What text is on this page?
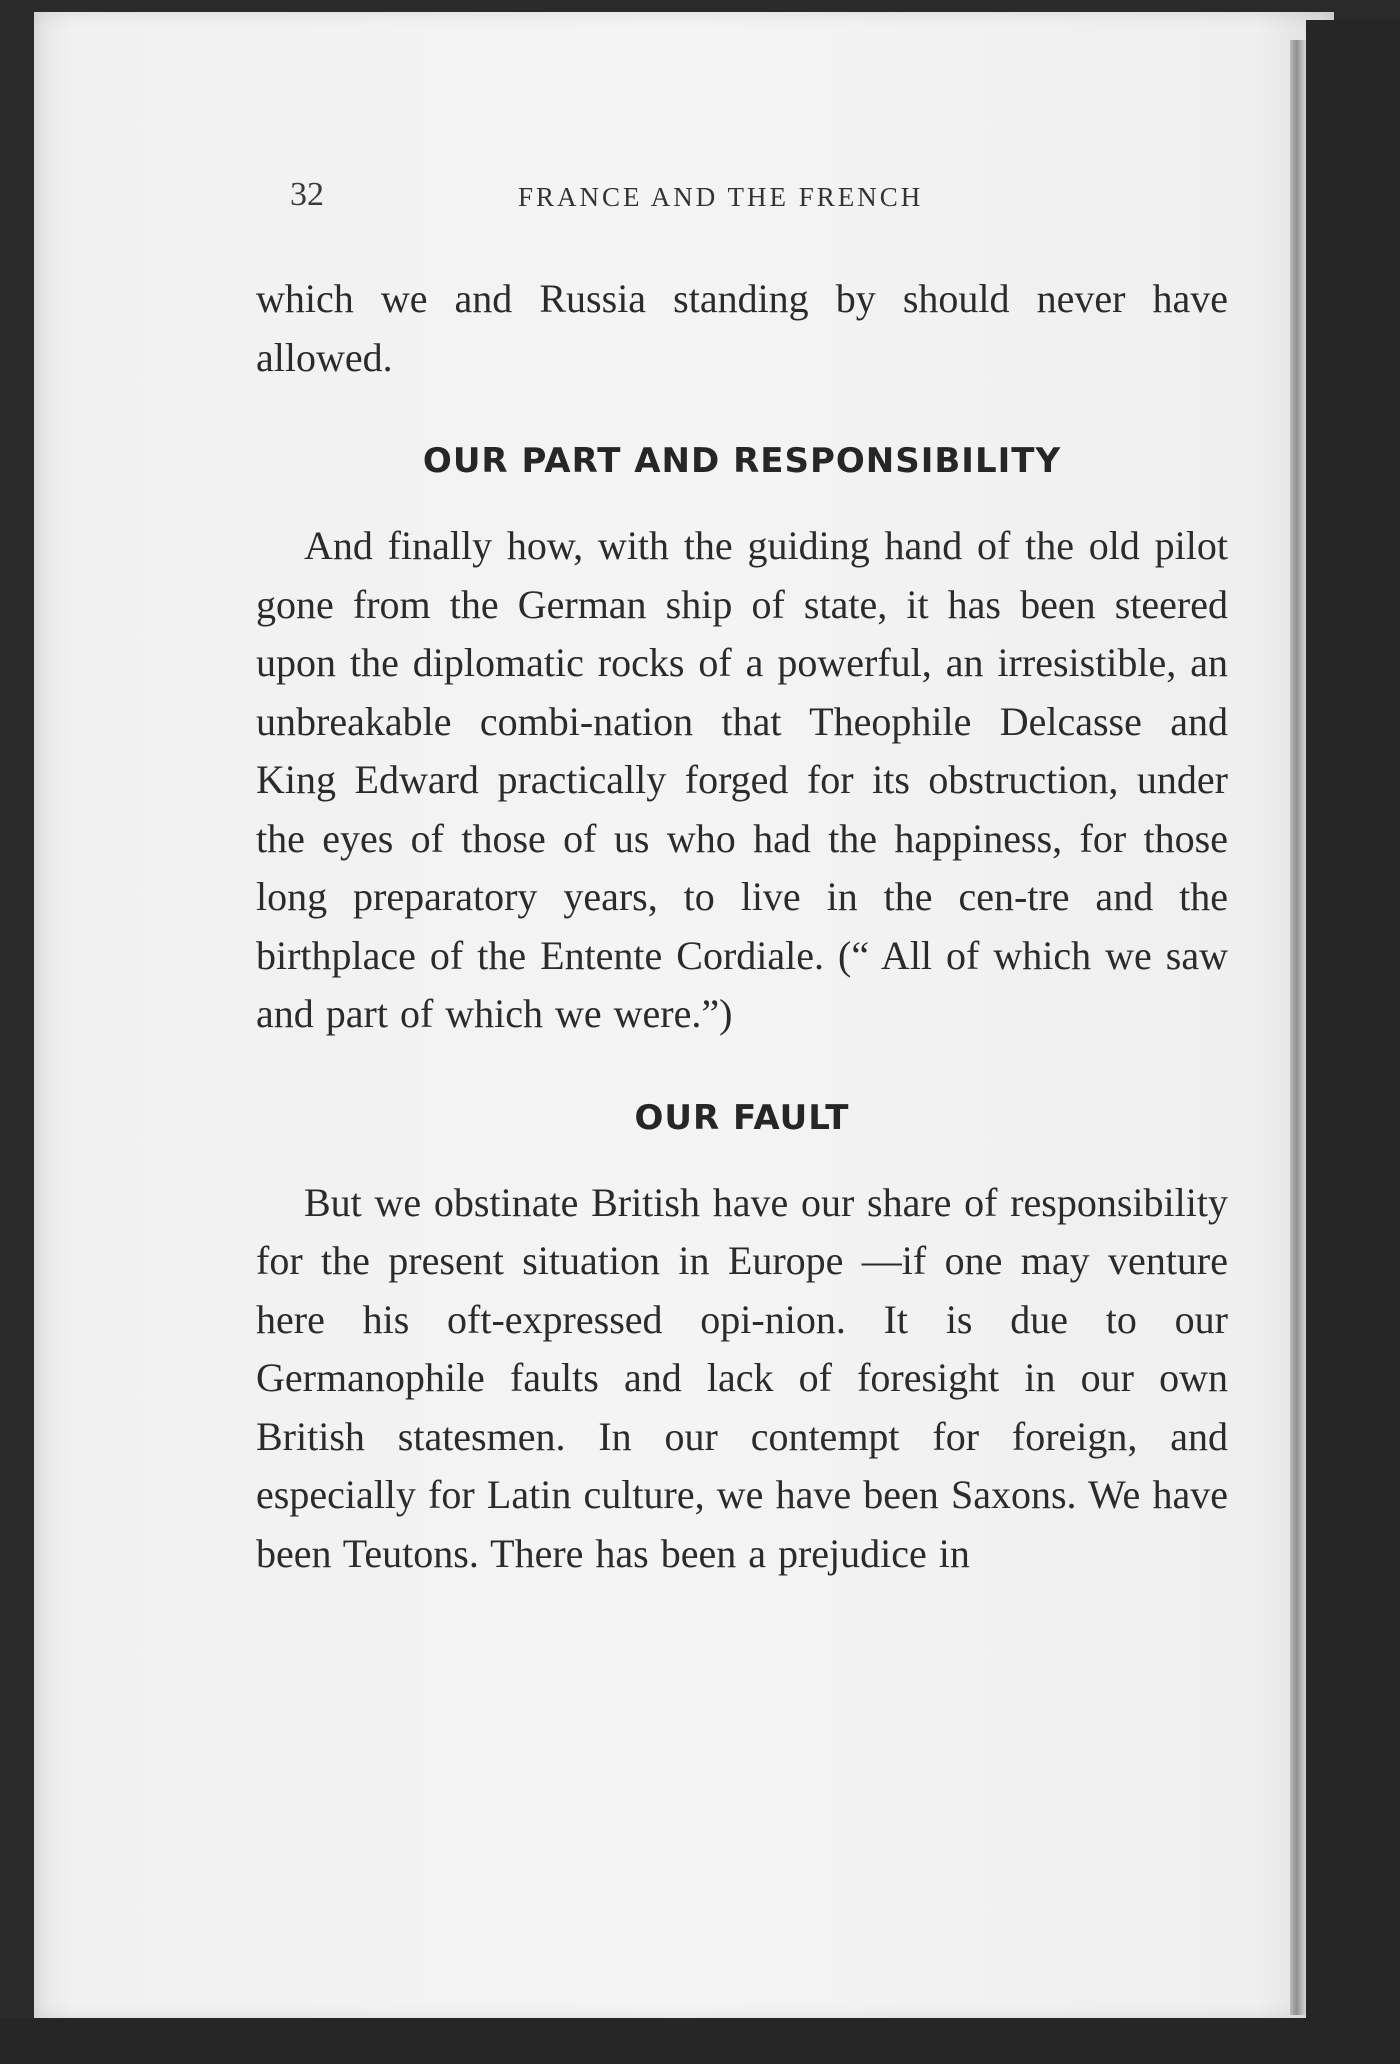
32	FRANCE AND THE FRENCH

which we and Russia standing by should never have allowed.

OUR PART AND RESPONSIBILITY

And finally how, with the guiding hand of the old pilot gone from the German ship of state, it has been steered upon the diplomatic rocks of a powerful, an irresistible, an unbreakable combi-nation that Theophile Delcasse and King Edward practically forged for its obstruction, under the eyes of those of us who had the happiness, for those long preparatory years, to live in the cen-tre and the birthplace of the Entente Cordiale. (“ All of which we saw and part of which we were.”)

OUR FAULT

But we obstinate British have our share of responsibility for the present situation in Europe —if one may venture here his oft-expressed opi-nion. It is due to our Germanophile faults and lack of foresight in our own British statesmen. In our contempt for foreign, and especially for Latin culture, we have been Saxons. We have been Teutons. There has been a prejudice in
